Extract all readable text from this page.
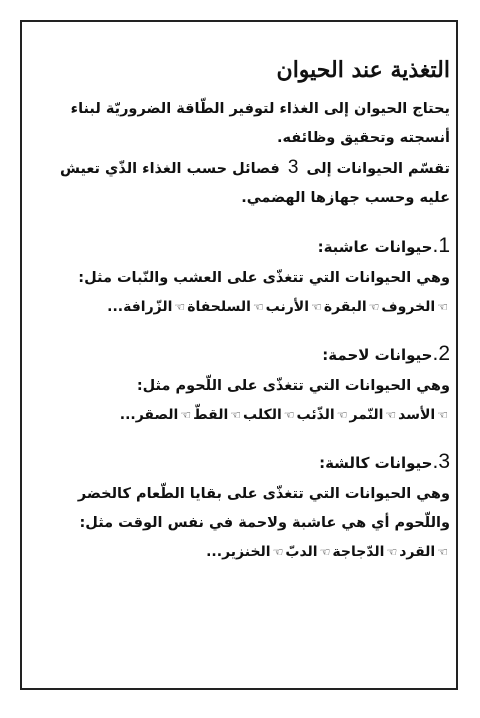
التغذية عند الحيوان

يحتاج الحيوان إلى الغذاء لتوفير الطّاقة الضروريّة لبناء

أنسجته وتحقيق وظائفه.

تقسّم الحيوانات إلى 3 فصائل حسب الغذاء الذّي تعيش

عليه وحسب جهازها الهضمي.

1.حيوانات عاشبة:

وهي الحيوانات التي تتغذّى على العشب والنّبات مثل:

☜الخروف☜البقرة☜الأرنب☜السلحفاة☜الزّرافة...

2.حيوانات لاحمة:

وهي الحيوانات التي تتغذّى على اللّحوم مثل:

☜الأسد☜النّمر☜الذّئب☜الكلب☜القطّ☜الصقر...

3.حيوانات كالشة:

وهي الحيوانات التي تتغذّى على بقايا الطّعام كالخضر

واللّحوم أي هي عاشبة ولاحمة في نفس الوقت مثل:

☜القرد☜الدّجاجة☜الدبّ☜الخنزير...
